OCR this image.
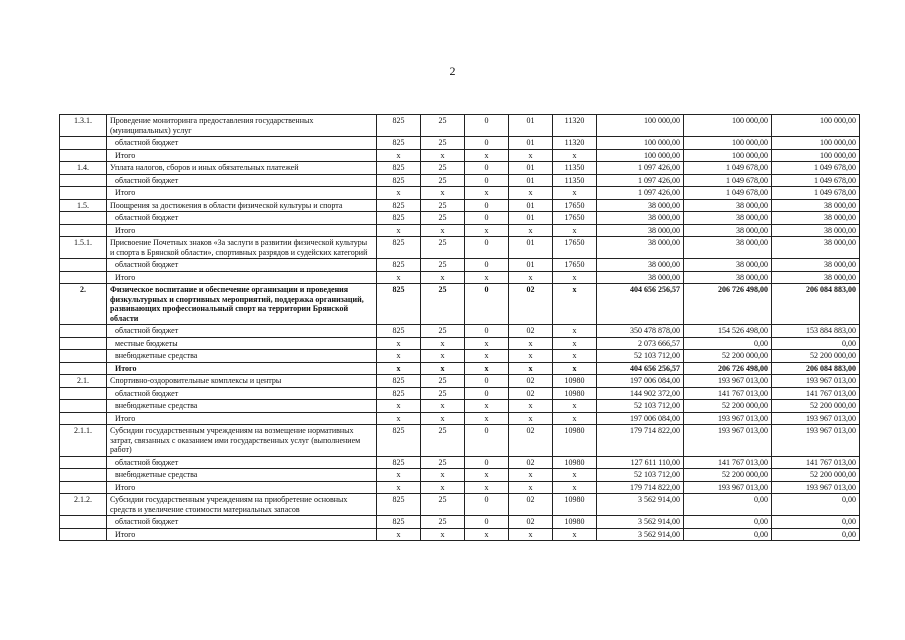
2
1.3.1.	Проведение мониторинга предоставления государственных (муниципальных) услуг	825	25	0	01	11320	100 000,00	100 000,00	100 000,00
	областной бюджет	825	25	0	01	11320	100 000,00	100 000,00	100 000,00
	Итого	x	x	x	x	x	100 000,00	100 000,00	100 000,00
1.4.	Уплата налогов, сборов и иных обязательных платежей	825	25	0	01	11350	1 097 426,00	1 049 678,00	1 049 678,00
	областной бюджет	825	25	0	01	11350	1 097 426,00	1 049 678,00	1 049 678,00
	Итого	x	x	x	x	x	1 097 426,00	1 049 678,00	1 049 678,00
1.5.	Поощрения за достижения в области физической культуры и спорта	825	25	0	01	17650	38 000,00	38 000,00	38 000,00
	областной бюджет	825	25	0	01	17650	38 000,00	38 000,00	38 000,00
	Итого	x	x	x	x	x	38 000,00	38 000,00	38 000,00
1.5.1.	Присвоение Почетных знаков «За заслуги в развитии физической культуры и спорта в Брянской области», спортивных разрядов и судейских категорий	825	25	0	01	17650	38 000,00	38 000,00	38 000,00
	областной бюджет	825	25	0	01	17650	38 000,00	38 000,00	38 000,00
	Итого	x	x	x	x	x	38 000,00	38 000,00	38 000,00
2.	Физическое воспитание и обеспечение организации и проведения физкультурных и спортивных мероприятий, поддержка организаций, развивающих профессиональный спорт на территории Брянской области	825	25	0	02	x	404 656 256,57	206 726 498,00	206 084 883,00
	областной бюджет	825	25	0	02	x	350 478 878,00	154 526 498,00	153 884 883,00
	местные бюджеты	x	x	x	x	x	2 073 666,57	0,00	0,00
	внебюджетные средства	x	x	x	x	x	52 103 712,00	52 200 000,00	52 200 000,00
	Итого	x	x	x	x	x	404 656 256,57	206 726 498,00	206 084 883,00
2.1.	Спортивно-оздоровительные комплексы и центры	825	25	0	02	10980	197 006 084,00	193 967 013,00	193 967 013,00
	областной бюджет	825	25	0	02	10980	144 902 372,00	141 767 013,00	141 767 013,00
	внебюджетные средства	x	x	x	x	x	52 103 712,00	52 200 000,00	52 200 000,00
	Итого	x	x	x	x	x	197 006 084,00	193 967 013,00	193 967 013,00
2.1.1.	Субсидии государственным учреждениям на возмещение нормативных затрат, связанных с оказанием ими государственных услуг (выполнением работ)	825	25	0	02	10980	179 714 822,00	193 967 013,00	193 967 013,00
	областной бюджет	825	25	0	02	10980	127 611 110,00	141 767 013,00	141 767 013,00
	внебюджетные средства	x	x	x	x	x	52 103 712,00	52 200 000,00	52 200 000,00
	Итого	x	x	x	x	x	179 714 822,00	193 967 013,00	193 967 013,00
2.1.2.	Субсидии государственным учреждениям на приобретение основных средств и увеличение стоимости материальных запасов	825	25	0	02	10980	3 562 914,00	0,00	0,00
	областной бюджет	825	25	0	02	10980	3 562 914,00	0,00	0,00
	Итого	x	x	x	x	x	3 562 914,00	0,00	0,00
